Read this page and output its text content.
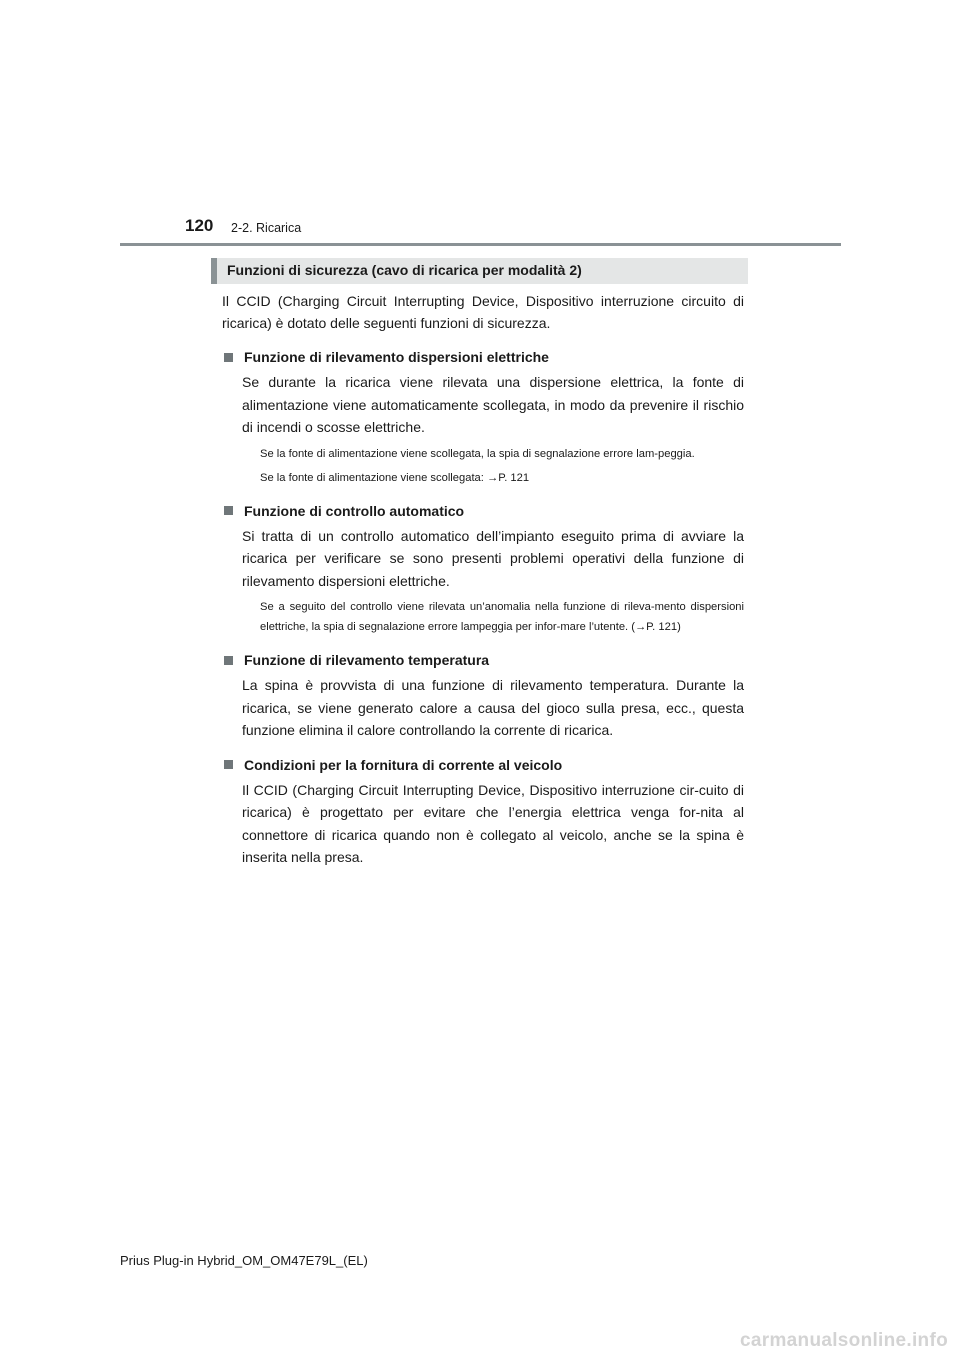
120 2-2. Ricarica
Funzioni di sicurezza (cavo di ricarica per modalità 2)

Il CCID (Charging Circuit Interrupting Device, Dispositivo interruzione circuito di ricarica) è dotato delle seguenti funzioni di sicurezza.

Funzione di rilevamento dispersioni elettriche

Se durante la ricarica viene rilevata una dispersione elettrica, la fonte di alimentazione viene automaticamente scollegata, in modo da prevenire il rischio di incendi o scosse elettriche.

Se la fonte di alimentazione viene scollegata, la spia di segnalazione errore lam-peggia.

Se la fonte di alimentazione viene scollegata: →P. 121

Funzione di controllo automatico

Si tratta di un controllo automatico dell’impianto eseguito prima di avviare la ricarica per verificare se sono presenti problemi operativi della funzione di rilevamento dispersioni elettriche.

Se a seguito del controllo viene rilevata un’anomalia nella funzione di rileva-mento dispersioni elettriche, la spia di segnalazione errore lampeggia per infor-mare l’utente. (→P. 121)

Funzione di rilevamento temperatura

La spina è provvista di una funzione di rilevamento temperatura. Durante la ricarica, se viene generato calore a causa del gioco sulla presa, ecc., questa funzione elimina il calore controllando la corrente di ricarica.

Condizioni per la fornitura di corrente al veicolo

Il CCID (Charging Circuit Interrupting Device, Dispositivo interruzione cir-cuito di ricarica) è progettato per evitare che l’energia elettrica venga for-nita al connettore di ricarica quando non è collegato al veicolo, anche se la spina è inserita nella presa.

Prius Plug-in Hybrid_OM_OM47E79L_(EL)
carmanualsonline.info
